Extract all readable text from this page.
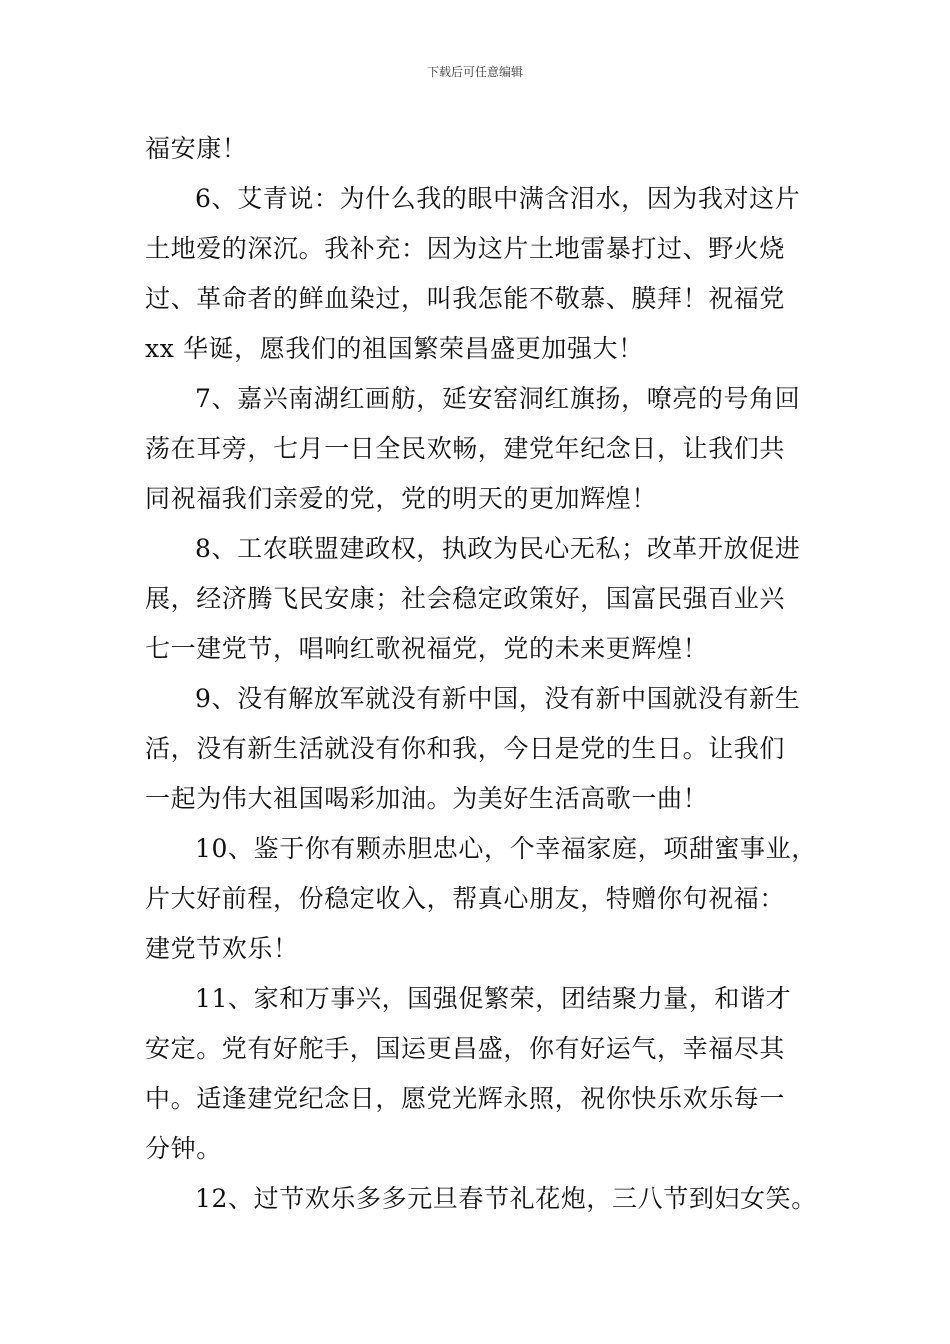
下载后可任意编辑
福安康！
6、艾青说：为什么我的眼中满含泪水，因为我对这片
土地爱的深沉。我补充：因为这片土地雷暴打过、野火烧
过、革命者的鲜血染过，叫我怎能不敬慕、膜拜！祝福党
xx 华诞，愿我们的祖国繁荣昌盛更加强大！
7、嘉兴南湖红画舫，延安窑洞红旗扬，嘹亮的号角回
荡在耳旁，七月一日全民欢畅，建党年纪念日，让我们共
同祝福我们亲爱的党，党的明天的更加辉煌！
8、工农联盟建政权，执政为民心无私；改革开放促进
展，经济腾飞民安康；社会稳定政策好，国富民强百业兴
七一建党节，唱响红歌祝福党，党的未来更辉煌！
9、没有解放军就没有新中国，没有新中国就没有新生
活，没有新生活就没有你和我，今日是党的生日。让我们
一起为伟大祖国喝彩加油。为美好生活高歌一曲！
10、鉴于你有颗赤胆忠心，个幸福家庭，项甜蜜事业，
片大好前程，份稳定收入，帮真心朋友，特赠你句祝福：
建党节欢乐！
11、家和万事兴，国强促繁荣，团结聚力量，和谐才
安定。党有好舵手，国运更昌盛，你有好运气，幸福尽其
中。适逢建党纪念日，愿党光辉永照，祝你快乐欢乐每一
分钟。
12、过节欢乐多多元旦春节礼花炮，三八节到妇女笑。
